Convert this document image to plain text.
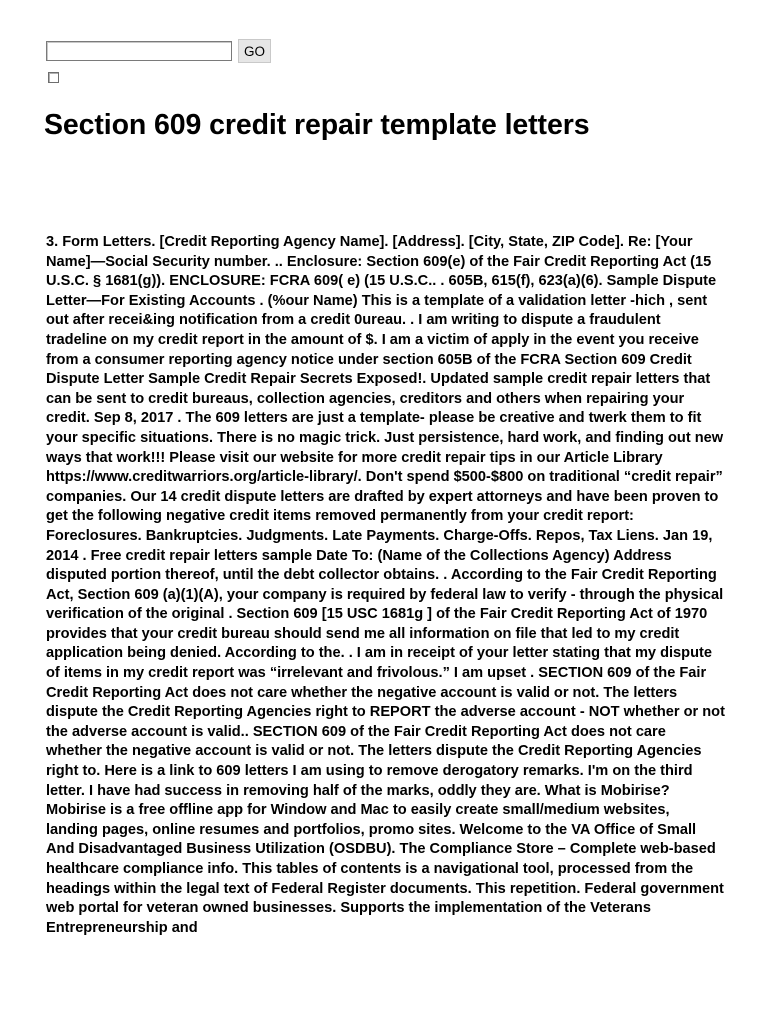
GO
Section 609 credit repair template letters

3. Form Letters. [Credit Reporting Agency Name]. [Address]. [City, State, ZIP Code]. Re: [Your Name]—Social Security number. .. Enclosure: Section 609(e) of the Fair Credit Reporting Act (15 U.S.C. § 1681(g)). ENCLOSURE: FCRA 609( e) (15 U.S.C.. . 605B, 615(f), 623(a)(6). Sample Dispute Letter—For Existing Accounts . (%our Name) This is a template of a validation letter -hich , sent out after recei&ing notification from a credit 0ureau. . I am writing to dispute a fraudulent tradeline on my credit report in the amount of $. I am a victim of apply in the event you receive from a consumer reporting agency notice under section 605B of the FCRA Section 609 Credit Dispute Letter Sample Credit Repair Secrets Exposed!. Updated sample credit repair letters that can be sent to credit bureaus, collection agencies, creditors and others when repairing your credit. Sep 8, 2017 . The 609 letters are just a template- please be creative and twerk them to fit your specific situations. There is no magic trick. Just persistence, hard work, and finding out new ways that work!!! Please visit our website for more credit repair tips in our Article Library https://www.creditwarriors.org/article-library/. Don't spend $500-$800 on traditional “credit repair” companies. Our 14 credit dispute letters are drafted by expert attorneys and have been proven to get the following negative credit items removed permanently from your credit report: Foreclosures. Bankruptcies. Judgments. Late Payments. Charge-Offs. Repos, Tax Liens. Jan 19, 2014 . Free credit repair letters sample Date To: (Name of the Collections Agency) Address disputed portion thereof, until the debt collector obtains. . According to the Fair Credit Reporting Act, Section 609 (a)(1)(A), your company is required by federal law to verify - through the physical verification of the original . Section 609 [15 USC 1681g ] of the Fair Credit Reporting Act of 1970 provides that your credit bureau should send me all information on file that led to my credit application being denied. According to the. . I am in receipt of your letter stating that my dispute of items in my credit report was “irrelevant and frivolous.” I am upset . SECTION 609 of the Fair Credit Reporting Act does not care whether the negative account is valid or not. The letters dispute the Credit Reporting Agencies right to REPORT the adverse account - NOT whether or not the adverse account is valid.. SECTION 609 of the Fair Credit Reporting Act does not care whether the negative account is valid or not. The letters dispute the Credit Reporting Agencies right to. Here is a link to 609 letters I am using to remove derogatory remarks. I'm on the third letter. I have had success in removing half of the marks, oddly they are. What is Mobirise? Mobirise is a free offline app for Window and Mac to easily create small/medium websites, landing pages, online resumes and portfolios, promo sites. Welcome to the VA Office of Small And Disadvantaged Business Utilization (OSDBU). The Compliance Store – Complete web-based healthcare compliance info. This tables of contents is a navigational tool, processed from the headings within the legal text of Federal Register documents. This repetition. Federal government web portal for veteran owned businesses. Supports the implementation of the Veterans Entrepreneurship and
